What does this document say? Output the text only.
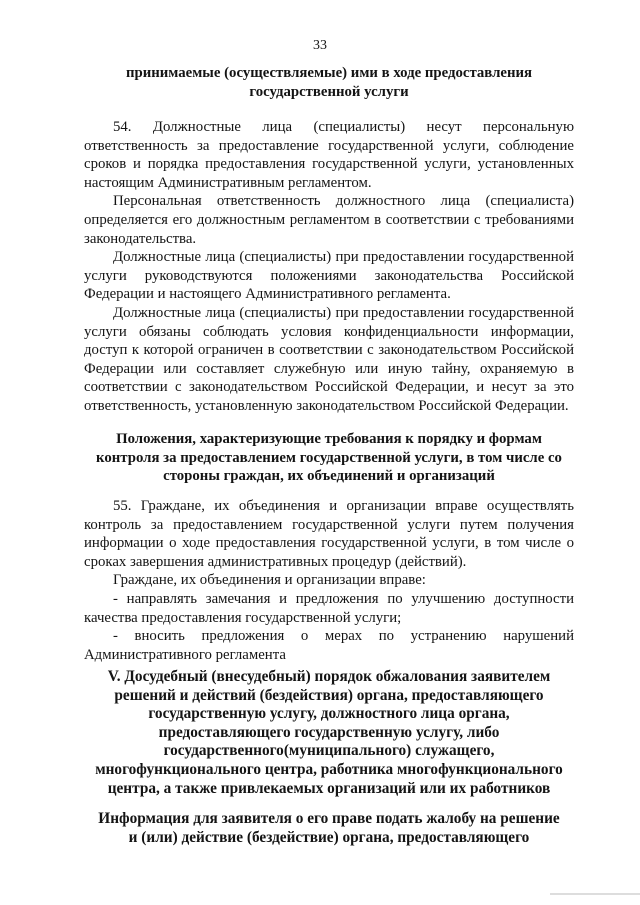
33
принимаемые (осуществляемые) ими в ходе предоставления
государственной услуги

54. Должностные лица (специалисты) несут персональную ответственность за предоставление государственной услуги, соблюдение сроков и порядка предоставления государственной услуги, установленных настоящим Административным регламентом.

Персональная ответственность должностного лица (специалиста) определяется его должностным регламентом в соответствии с требованиями законодательства.

Должностные лица (специалисты) при предоставлении государственной услуги руководствуются положениями законодательства Российской Федерации и настоящего Административного регламента.

Должностные лица (специалисты) при предоставлении государственной услуги обязаны соблюдать условия конфиденциальности информации, доступ к которой ограничен в соответствии с законодательством Российской Федерации или составляет служебную или иную тайну, охраняемую в соответствии с законодательством Российской Федерации, и несут за это ответственность, установленную законодательством Российской Федерации.

Положения, характеризующие требования к порядку и формам
контроля за предоставлением государственной услуги, в том числе со
стороны граждан, их объединений и организаций

55. Граждане, их объединения и организации вправе осуществлять контроль за предоставлением государственной услуги путем получения информации о ходе предоставления государственной услуги, в том числе о сроках завершения административных процедур (действий).

Граждане, их объединения и организации вправе:

- направлять замечания и предложения по улучшению доступности качества предоставления государственной услуги;

- вносить предложения о мерах по устранению нарушений Административного регламента

V. Досудебный (внесудебный) порядок обжалования заявителем
решений и действий (бездействия) органа, предоставляющего
государственную услугу, должностного лица органа,
предоставляющего государственную услугу, либо
государственного(муниципального) служащего,
многофункционального центра, работника многофункционального
центра, а также привлекаемых организаций или их работников
Информация для заявителя о его праве подать жалобу на решение
и (или) действие (бездействие) органа, предоставляющего
